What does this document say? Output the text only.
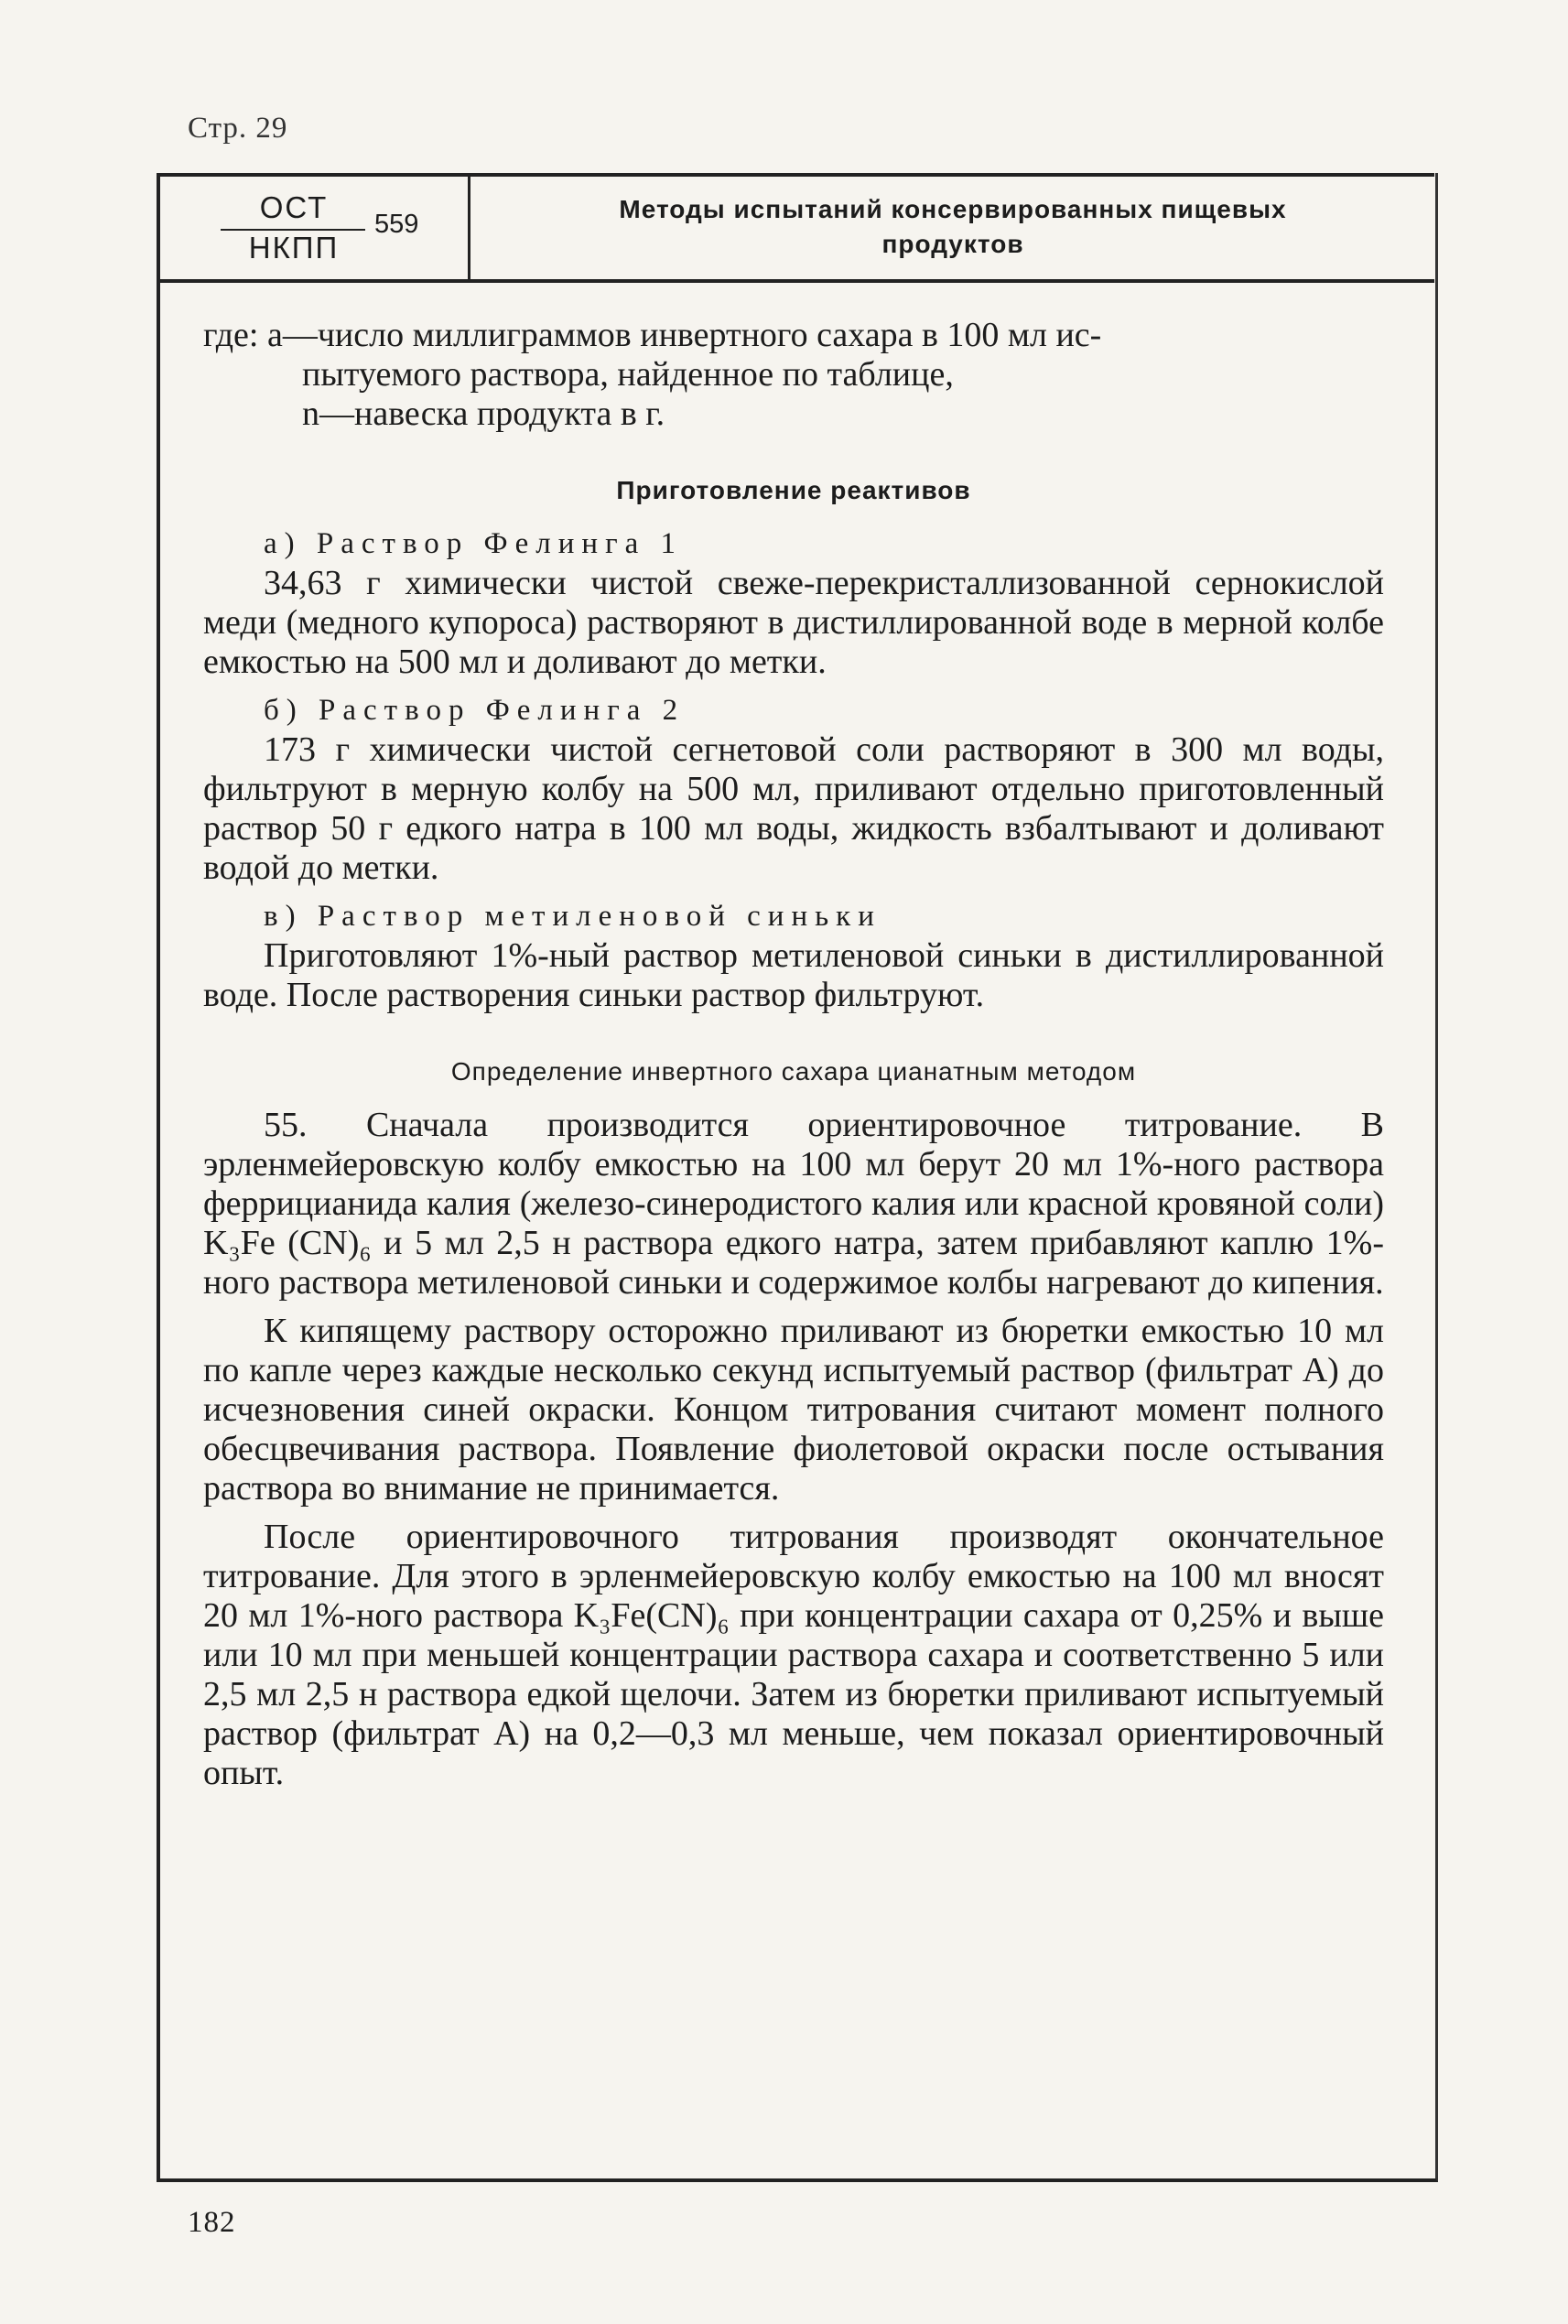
Стр. 29
ОСТ
НКПП
559
Методы испытаний консервированных пищевых
продуктов

где: а—число миллиграммов инвертного сахара в 100 мл ис-

пытуемого раствора, найденное по таблице,

n—навеска продукта в г.

Приготовление реактивов

а) Раствор Фелинга 1

34,63 г химически чистой свеже-перекристаллизованной сернокислой меди (медного купороса) растворяют в дистиллированной воде в мерной колбе емкостью на 500 мл и доливают до метки.

б) Раствор Фелинга 2

173 г химически чистой сегнетовой соли растворяют в 300 мл воды, фильтруют в мерную колбу на 500 мл, приливают отдельно приготовленный раствор 50 г едкого натра в 100 мл воды, жидкость взбалтывают и доливают водой до метки.

в) Раствор метиленовой синьки

Приготовляют 1%-ный раствор метиленовой синьки в дистиллированной воде. После растворения синьки раствор фильтруют.

Определение инвертного сахара цианатным методом

55. Сначала производится ориентировочное титрование. В эрленмейеровскую колбу емкостью на 100 мл берут 20 мл 1%-ного раствора феррицианида калия (железо-синеродистого калия или красной кровяной соли) K₃Fe (CN)₆ и 5 мл 2,5 н раствора едкого натра, затем прибавляют каплю 1%-ного раствора метиленовой синьки и содержимое колбы нагревают до кипения.

К кипящему раствору осторожно приливают из бюретки емкостью 10 мл по капле через каждые несколько секунд испытуемый раствор (фильтрат А) до исчезновения синей окраски. Концом титрования считают момент полного обесцвечивания раствора. Появление фиолетовой окраски после остывания раствора во внимание не принимается.

После ориентировочного титрования производят окончательное титрование. Для этого в эрленмейеровскую колбу емкостью на 100 мл вносят 20 мл 1%-ного раствора K₃Fe(CN)₆ при концентрации сахара от 0,25% и выше или 10 мл при меньшей концентрации раствора сахара и соответственно 5 или 2,5 мл 2,5 н раствора едкой щелочи. Затем из бюретки приливают испытуемый раствор (фильтрат А) на 0,2—0,3 мл меньше, чем показал ориентировочный опыт.

182
